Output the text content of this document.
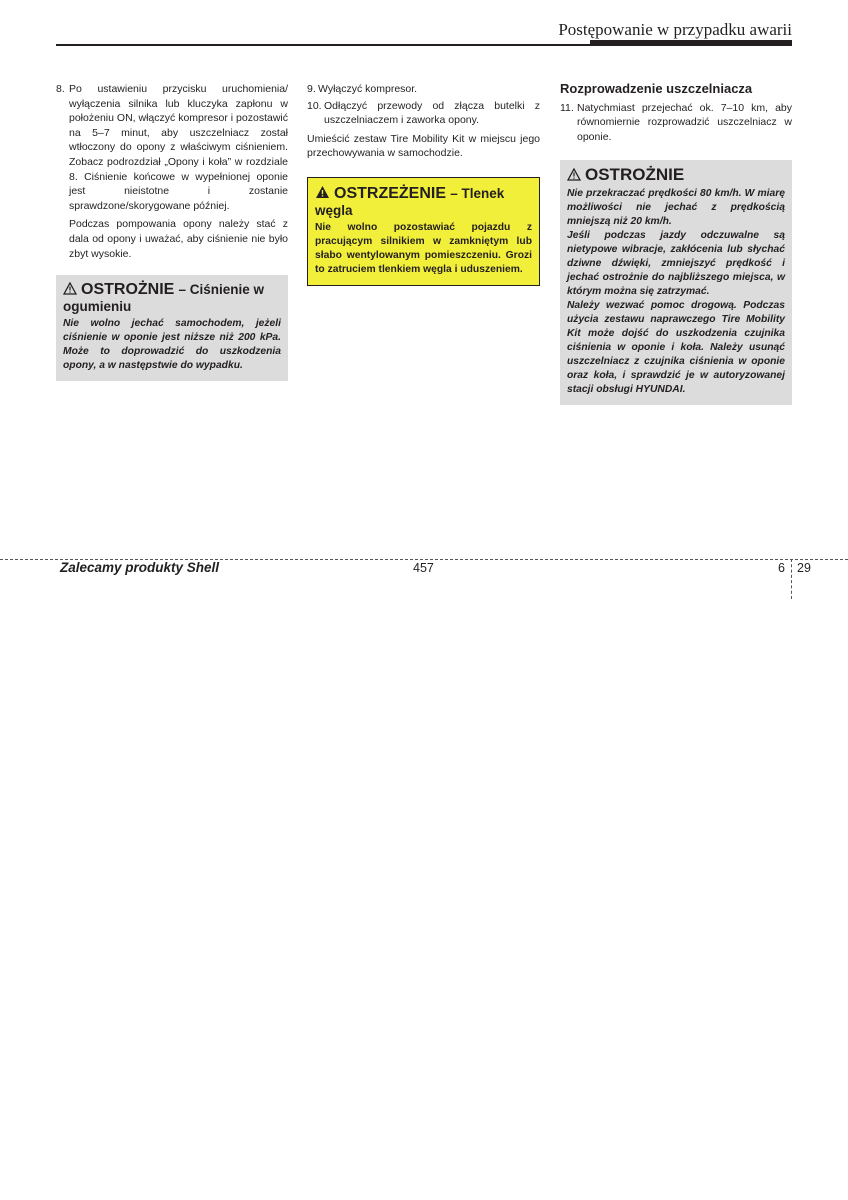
Postępowanie w przypadku awarii
8. Po ustawieniu przycisku uruchomienia/ wyłączenia silnika lub kluczyka zapłonu w położeniu ON, włączyć kompresor i pozostawić na 5–7 minut, aby uszczelniacz został wtłoczony do opony z właściwym ciśnieniem. Zobacz podrozdział „Opony i koła” w rozdziale 8. Ciśnienie końcowe w wypełnionej oponie jest nieistotne i zostanie sprawdzone/skorygowane później.

Podczas pompowania opony należy stać z dala od opony i uważać, aby ciśnienie nie było zbyt wysokie.

OSTROŻNIE – Ciśnienie w ogumieniu

Nie wolno jechać samochodem, jeżeli ciśnienie w oponie jest niższe niż 200 kPa. Może to doprowadzić do uszkodzenia opony, a w następstwie do wypadku.

9. Wyłączyć kompresor.
10. Odłączyć przewody od złącza butelki z uszczelniaczem i zaworka opony.

Umieścić zestaw Tire Mobility Kit w miejscu jego przechowywania w samochodzie.

OSTRZEŻENIE – Tlenek węgla

Nie wolno pozostawiać pojazdu z pracującym silnikiem w zamkniętym lub słabo wentylowanym pomieszczeniu. Grozi to zatruciem tlenkiem węgla i uduszeniem.

Rozprowadzenie uszczelniacza
11. Natychmiast przejechać ok. 7–10 km, aby równomiernie rozprowadzić uszczelniacz w oponie.
OSTROŻNIE

Nie przekraczać prędkości 80 km/h. W miarę możliwości nie jechać z prędkością mniejszą niż 20 km/h.

Jeśli podczas jazdy odczuwalne są nietypowe wibracje, zakłócenia lub słychać dziwne dźwięki, zmniejszyć prędkość i jechać ostrożnie do najbliższego miejsca, w którym można się zatrzymać.

Należy wezwać pomoc drogową. Podczas użycia zestawu naprawczego Tire Mobility Kit może dojść do uszkodzenia czujnika ciśnienia w oponie i koła. Należy usunąć uszczelniacz z czujnika ciśnienia w oponie oraz koła, i sprawdzić je w autoryzowanej stacji obsługi HYUNDAI.

Zalecamy produkty Shell	457	6 29
